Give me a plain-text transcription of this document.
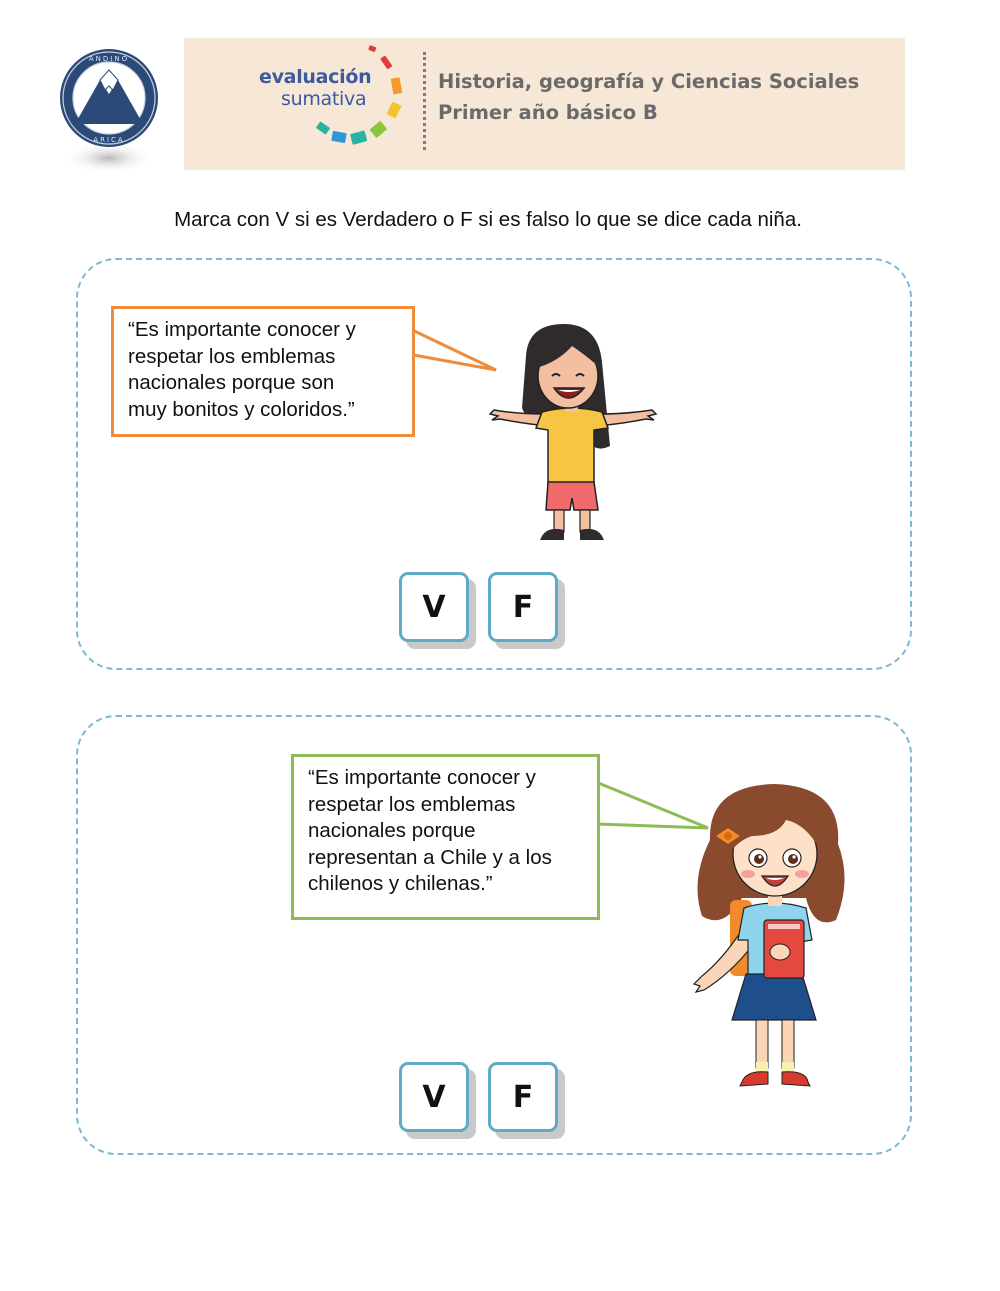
ANDINO
ARICA
evaluación
sumativa
Historia, geografía y Ciencias Sociales
Primer año básico B
Marca con V si es Verdadero o F si es falso lo que se dice cada niña.
“Es importante conocer y
respetar los emblemas
nacionales porque son
muy bonitos y coloridos.”
V	F
“Es importante conocer y
respetar los emblemas
nacionales porque
representan a Chile y a los
chilenos y chilenas.”
V	F
